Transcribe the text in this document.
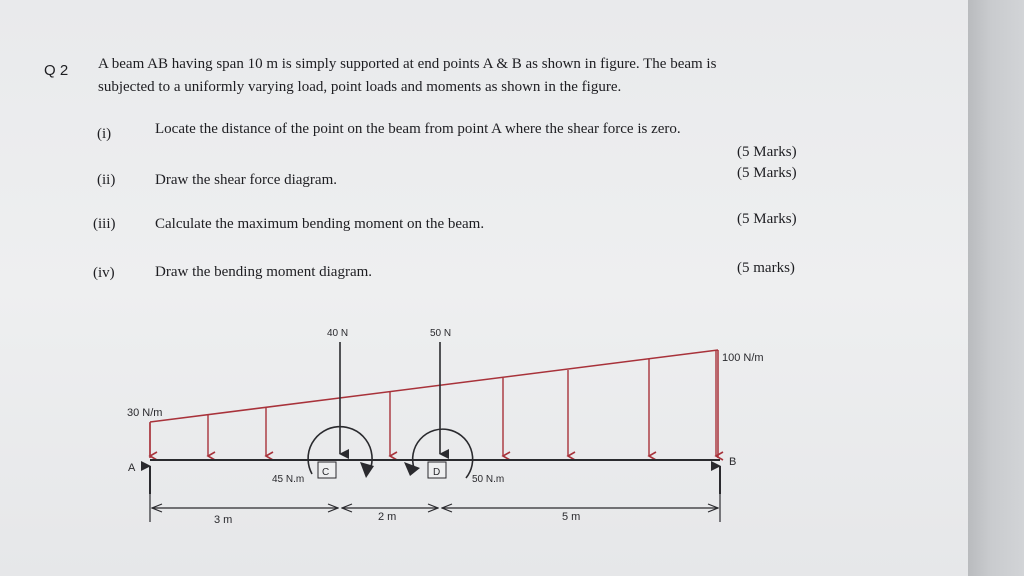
Q 2 A beam AB having span 10 m is simply supported at end points A & B as shown in figure. The beam is
subjected to a uniformly varying load, point loads and moments as shown in the figure.
(i)	Locate the distance of the point on the beam from point A where the shear force is zero.
(5 Marks)
(ii)	Draw the shear force diagram.	(5 Marks)
(iii)	Calculate the maximum bending moment on the beam.	(5 Marks)
(iv)	Draw the bending moment diagram.	(5 marks)
40 N	50 N
100 N/m
30 N/m
A	B
C	D
45 N.m	50 N.m
3 m	2 m	5 m
